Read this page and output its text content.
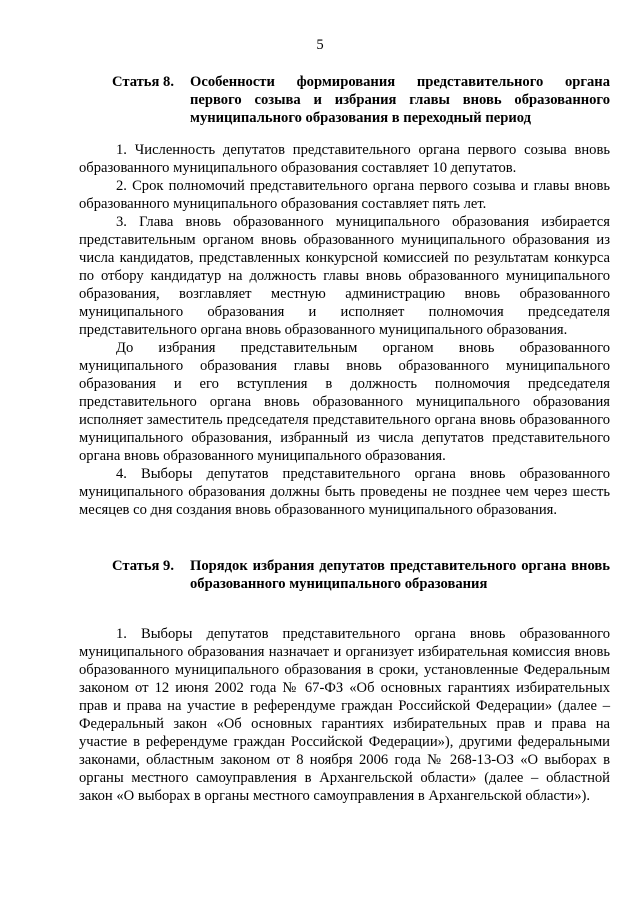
5
Статья 8. Особенности формирования представительного органа первого созыва и избрания главы вновь образованного муниципального образования в переходный период

1. Численность депутатов представительного органа первого созыва вновь образованного муниципального образования составляет 10 депутатов.

2. Срок полномочий представительного органа первого созыва и главы вновь образованного муниципального образования составляет пять лет.

3. Глава вновь образованного муниципального образования избирается представительным органом вновь образованного муниципального образования из числа кандидатов, представленных конкурсной комиссией по результатам конкурса по отбору кандидатур на должность главы вновь образованного муниципального образования, возглавляет местную администрацию вновь образованного муниципального образования и исполняет полномочия председателя представительного органа вновь образованного муниципального образования.

До избрания представительным органом вновь образованного муниципального образования главы вновь образованного муниципального образования и его вступления в должность полномочия председателя представительного органа вновь образованного муниципального образования исполняет заместитель председателя представительного органа вновь образованного муниципального образования, избранный из числа депутатов представительного органа вновь образованного муниципального образования.

4. Выборы депутатов представительного органа вновь образованного муниципального образования должны быть проведены не позднее чем через шесть месяцев со дня создания вновь образованного муниципального образования.

Статья 9. Порядок избрания депутатов представительного органа вновь образованного муниципального образования

1. Выборы депутатов представительного органа вновь образованного муниципального образования назначает и организует избирательная комиссия вновь образованного муниципального образования в сроки, установленные Федеральным законом от 12 июня 2002 года № 67-ФЗ «Об основных гарантиях избирательных прав и права на участие в референдуме граждан Российской Федерации» (далее – Федеральный закон «Об основных гарантиях избирательных прав и права на участие в референдуме граждан Российской Федерации»), другими федеральными законами, областным законом от 8 ноября 2006 года № 268-13-ОЗ «О выборах в органы местного самоуправления в Архангельской области» (далее – областной закон «О выборах в органы местного самоуправления в Архангельской области»).
